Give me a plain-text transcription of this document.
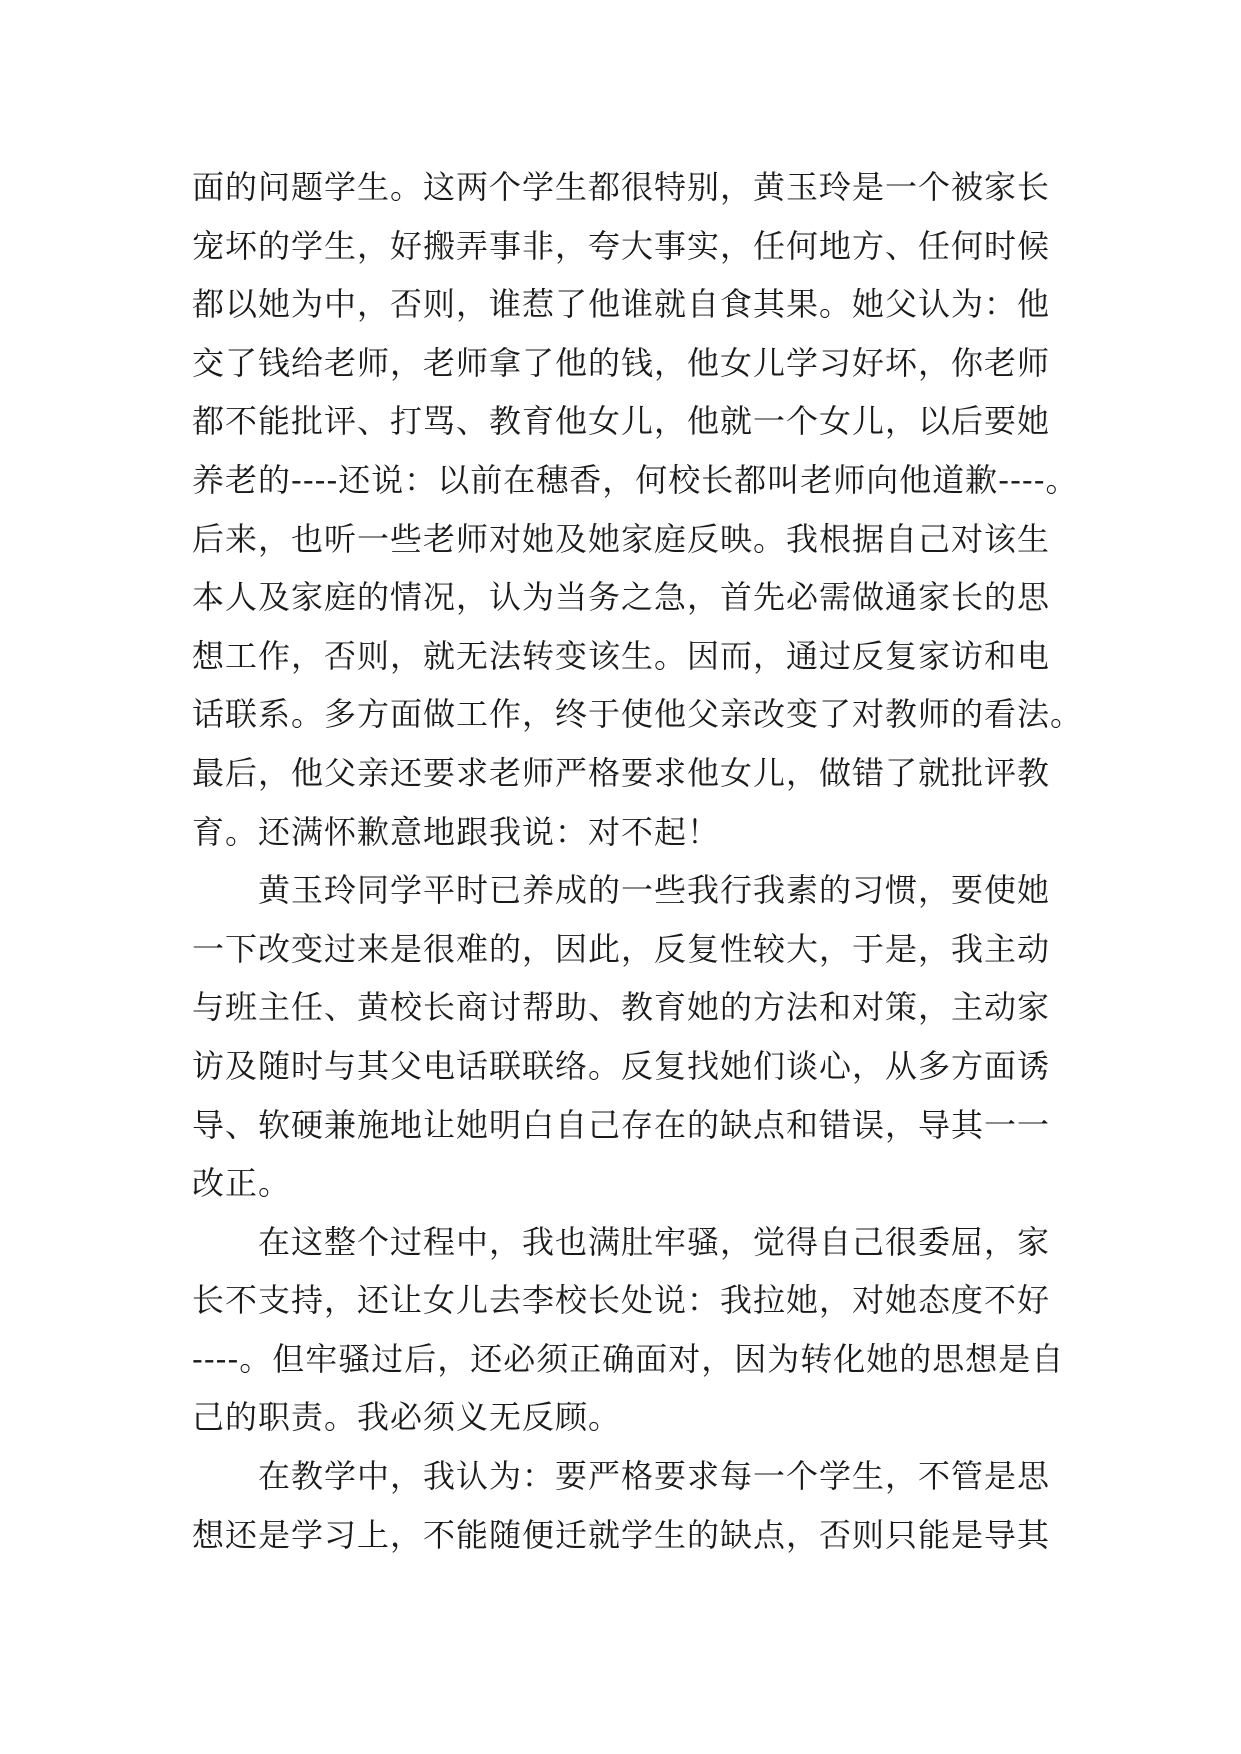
面的问题学生。这两个学生都很特别，黄玉玲是一个被家长
宠坏的学生，好搬弄事非，夸大事实，任何地方、任何时候
都以她为中，否则，谁惹了他谁就自食其果。她父认为：他
交了钱给老师，老师拿了他的钱，他女儿学习好坏，你老师
都不能批评、打骂、教育他女儿，他就一个女儿，以后要她
养老的----还说：以前在穗香，何校长都叫老师向他道歉----。
后来，也听一些老师对她及她家庭反映。我根据自己对该生
本人及家庭的情况，认为当务之急，首先必需做通家长的思
想工作，否则，就无法转变该生。因而，通过反复家访和电
话联系。多方面做工作，终于使他父亲改变了对教师的看法。
最后，他父亲还要求老师严格要求他女儿，做错了就批评教
育。还满怀歉意地跟我说：对不起！
黄玉玲同学平时已养成的一些我行我素的习惯，要使她
一下改变过来是很难的，因此，反复性较大，于是，我主动
与班主任、黄校长商讨帮助、教育她的方法和对策，主动家
访及随时与其父电话联联络。反复找她们谈心，从多方面诱
导、软硬兼施地让她明白自己存在的缺点和错误，导其一一
改正。
在这整个过程中，我也满肚牢骚，觉得自己很委屈，家
长不支持，还让女儿去李校长处说：我拉她，对她态度不好
----。但牢骚过后，还必须正确面对，因为转化她的思想是自
己的职责。我必须义无反顾。
在教学中，我认为：要严格要求每一个学生，不管是思
想还是学习上，不能随便迁就学生的缺点，否则只能是导其
